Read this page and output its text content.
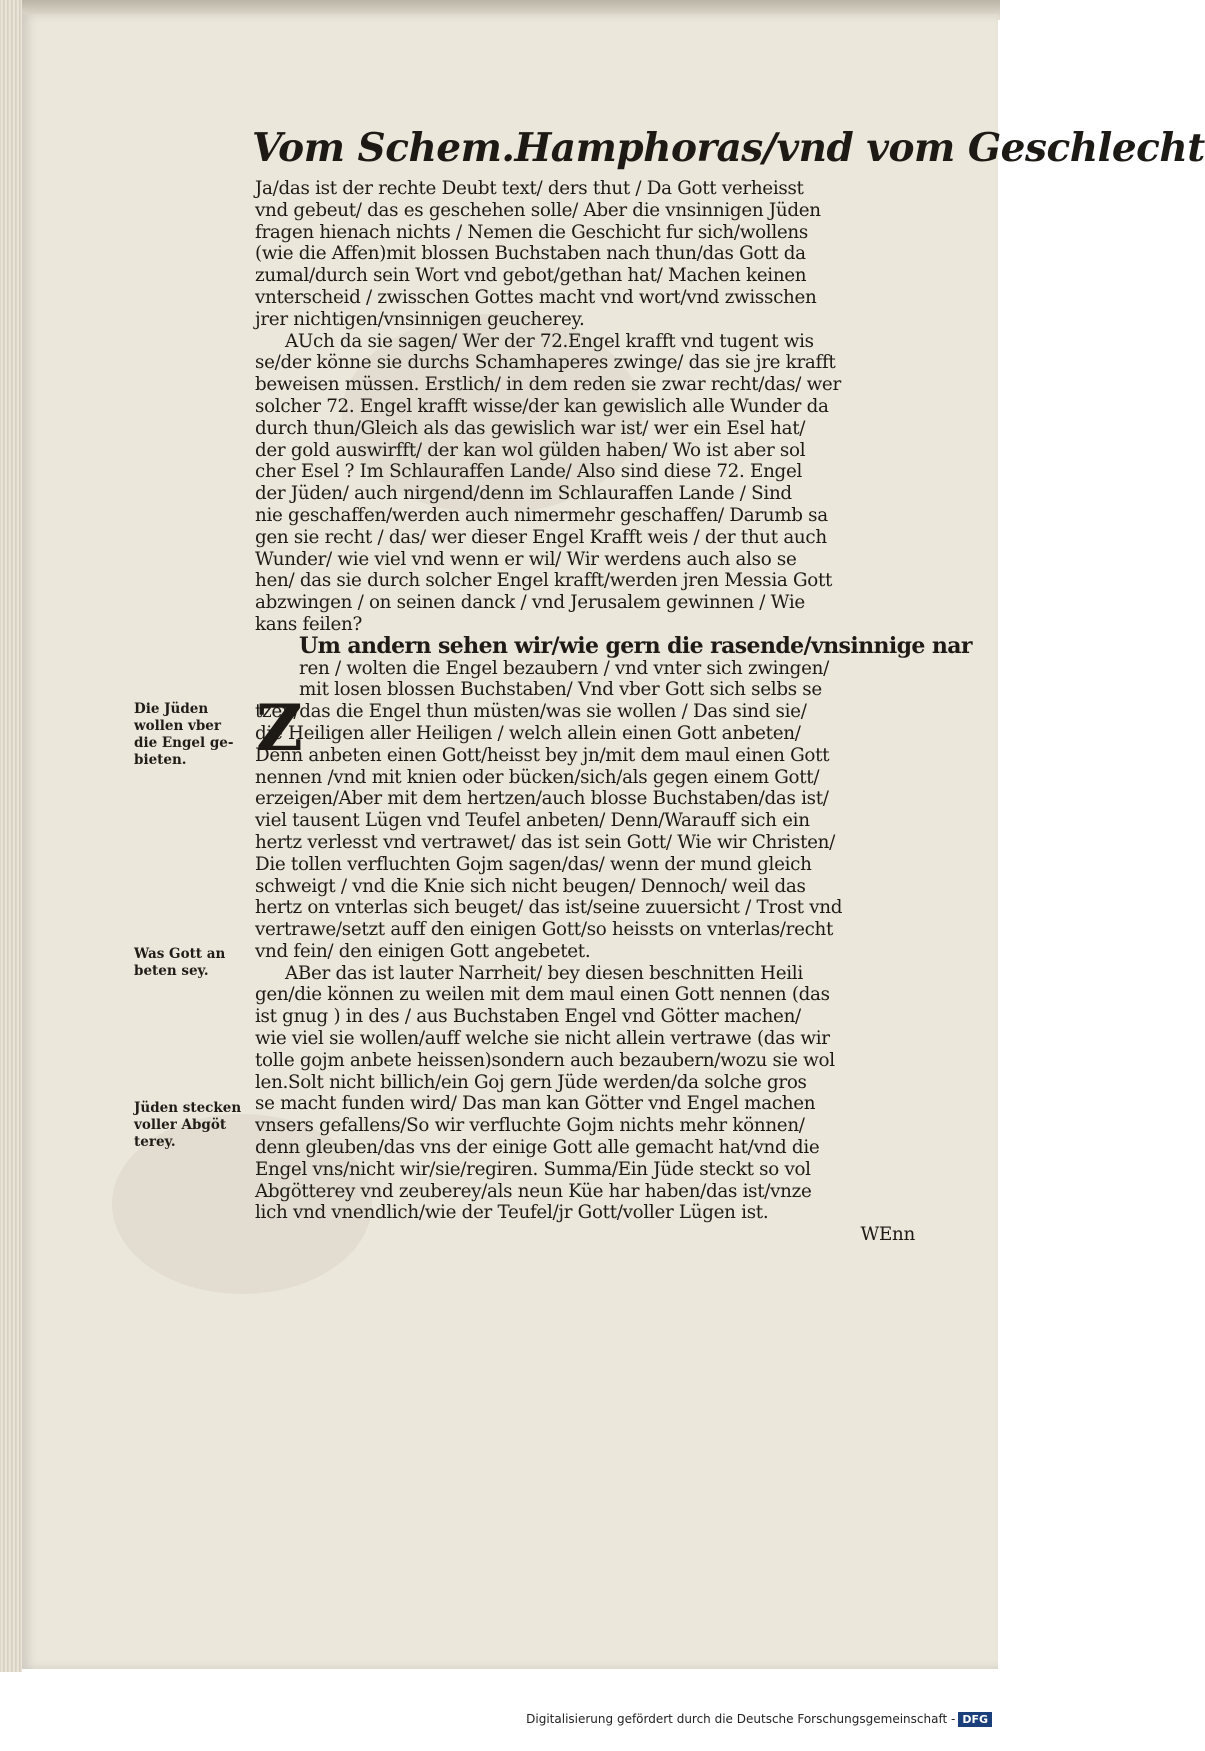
Vom Schem.Hamphoras/vnd vom Geschlecht
Z
Ja/das ist der rechte Deubt text/ ders thut / Da Gott verheisst
vnd gebeut/ das es geschehen solle/ Aber die vnsinnigen Jüden
fragen hienach nichts / Nemen die Geschicht fur sich/wollens
(wie die Affen)mit blossen Buchstaben nach thun/das Gott da
zumal/durch sein Wort vnd gebot/gethan hat/ Machen keinen
vnterscheid / zwisschen Gottes macht vnd wort/vnd zwisschen
jrer nichtigen/vnsinnigen geucherey.
AUch da sie sagen/ Wer der 72.Engel krafft vnd tugent wis
se/der könne sie durchs Schamhaperes zwinge/ das sie jre krafft
beweisen müssen. Erstlich/ in dem reden sie zwar recht/das/ wer
solcher 72. Engel krafft wisse/der kan gewislich alle Wunder da
durch thun/Gleich als das gewislich war ist/ wer ein Esel hat/
der gold auswirfft/ der kan wol gülden haben/ Wo ist aber sol
cher Esel ? Im Schlauraffen Lande/ Also sind diese 72. Engel
der Jüden/ auch nirgend/denn im Schlauraffen Lande / Sind
nie geschaffen/werden auch nimermehr geschaffen/ Darumb sa
gen sie recht / das/ wer dieser Engel Krafft weis / der thut auch
Wunder/ wie viel vnd wenn er wil/ Wir werdens auch also se
hen/ das sie durch solcher Engel krafft/werden jren Messia Gott
abzwingen / on seinen danck / vnd Jerusalem gewinnen / Wie
kans feilen?
Um andern sehen wir/wie gern die rasende/vnsinnige nar
ren / wolten die Engel bezaubern / vnd vnter sich zwingen/
mit losen blossen Buchstaben/ Vnd vber Gott sich selbs se
tzen/das die Engel thun müsten/was sie wollen / Das sind sie/
die Heiligen aller Heiligen / welch allein einen Gott anbeten/
Denn anbeten einen Gott/heisst bey jn/mit dem maul einen Gott
nennen /vnd mit knien oder bücken/sich/als gegen einem Gott/
erzeigen/Aber mit dem hertzen/auch blosse Buchstaben/das ist/
viel tausent Lügen vnd Teufel anbeten/ Denn/Warauff sich ein
hertz verlesst vnd vertrawet/ das ist sein Gott/ Wie wir Christen/
Die tollen verfluchten Gojm sagen/das/ wenn der mund gleich
schweigt / vnd die Knie sich nicht beugen/ Dennoch/ weil das
hertz on vnterlas sich beuget/ das ist/seine zuuersicht / Trost vnd
vertrawe/setzt auff den einigen Gott/so heissts on vnterlas/recht
vnd fein/ den einigen Gott angebetet.
ABer das ist lauter Narrheit/ bey diesen beschnitten Heili
gen/die können zu weilen mit dem maul einen Gott nennen (das
ist gnug ) in des / aus Buchstaben Engel vnd Götter machen/
wie viel sie wollen/auff welche sie nicht allein vertrawe (das wir
tolle gojm anbete heissen)sondern auch bezaubern/wozu sie wol
len.Solt nicht billich/ein Goj gern Jüde werden/da solche gros
se macht funden wird/ Das man kan Götter vnd Engel machen
vnsers gefallens/So wir verfluchte Gojm nichts mehr können/
denn gleuben/das vns der einige Gott alle gemacht hat/vnd die
Engel vns/nicht wir/sie/regiren. Summa/Ein Jüde steckt so vol
Abgötterey vnd zeuberey/als neun Küe har haben/das ist/vnze
lich vnd vnendlich/wie der Teufel/jr Gott/voller Lügen ist.
WEnn
Die Jüden
wollen vber
die Engel ge-
bieten.
Was Gott an
beten sey.
Jüden stecken
voller Abgöt
terey.
Digitalisierung gefördert durch die Deutsche Forschungsgemeinschaft - DFG
